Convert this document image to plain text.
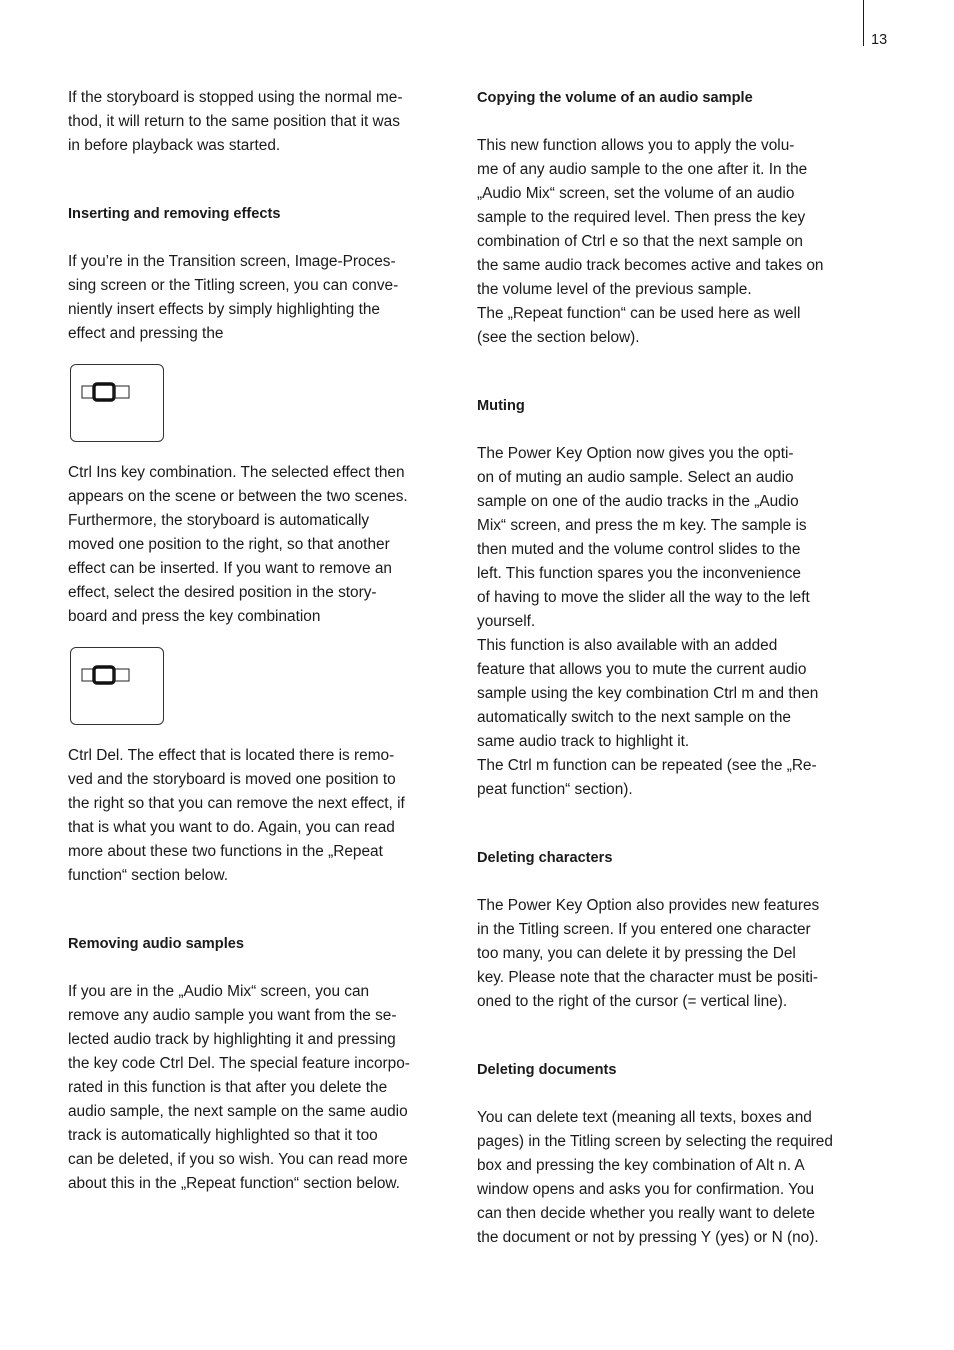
13

If the storyboard is stopped using the normal me-
thod, it will return to the same position that it was
in before playback was started.

Inserting and removing effects

If you’re in the Transition screen, Image-Proces-
sing screen or the Titling screen, you can conve-
niently insert effects by simply highlighting the
effect and pressing the

Ctrl Ins key combination. The selected effect then
appears on the scene or between the two scenes.
Furthermore, the storyboard is automatically
moved one position to the right, so that another
effect can be inserted. If you want to remove an
effect, select the desired position in the story-
board and press the key combination

Ctrl Del. The effect that is located there is remo-
ved and the storyboard is moved one position to
the right so that you can remove the next effect, if
that is what you want to do. Again, you can read
more about these two functions in the „Repeat
function“ section below.

Removing audio samples

If you are in the „Audio Mix“ screen, you can
remove any audio sample you want from the se-
lected audio track by highlighting it and pressing
the key code Ctrl Del. The special feature incorpo-
rated in this function is that after you delete the
audio sample, the next sample on the same audio
track is automatically highlighted so that it too
can be deleted, if you so wish. You can read more
about this in the „Repeat function“ section below.

Copying the volume of an audio sample

This new function allows you to apply the volu-
me of any audio sample to the one after it. In the
„Audio Mix“ screen, set the volume of an audio
sample to the required level. Then press the key
combination of Ctrl e so that the next sample on
the same audio track becomes active and takes on
the volume level of the previous sample.
The „Repeat function“ can be used here as well
(see the section below).

Muting

The Power Key Option now gives you the opti-
on of muting an audio sample. Select an audio
sample on one of the audio tracks in the „Audio
Mix“ screen, and press the m key. The sample is
then muted and the volume control slides to the
left. This function spares you the inconvenience
of having to move the slider all the way to the left
yourself.
This function is also available with an added
feature that allows you to mute the current audio
sample using the key combination Ctrl m and then
automatically switch to the next sample on the
same audio track to highlight it.
The Ctrl m function can be repeated (see the „Re-
peat function“ section).

Deleting characters

The Power Key Option also provides new features
in the Titling screen. If you entered one character
too many, you can delete it by pressing the Del
key. Please note that the character must be positi-
oned to the right of the cursor (= vertical line).

Deleting documents

You can delete text (meaning all texts, boxes and
pages) in the Titling screen by selecting the required
box and pressing the key combination of Alt n. A
window opens and asks you for confirmation. You
can then decide whether you really want to delete
the document or not by pressing Y (yes) or N (no).
